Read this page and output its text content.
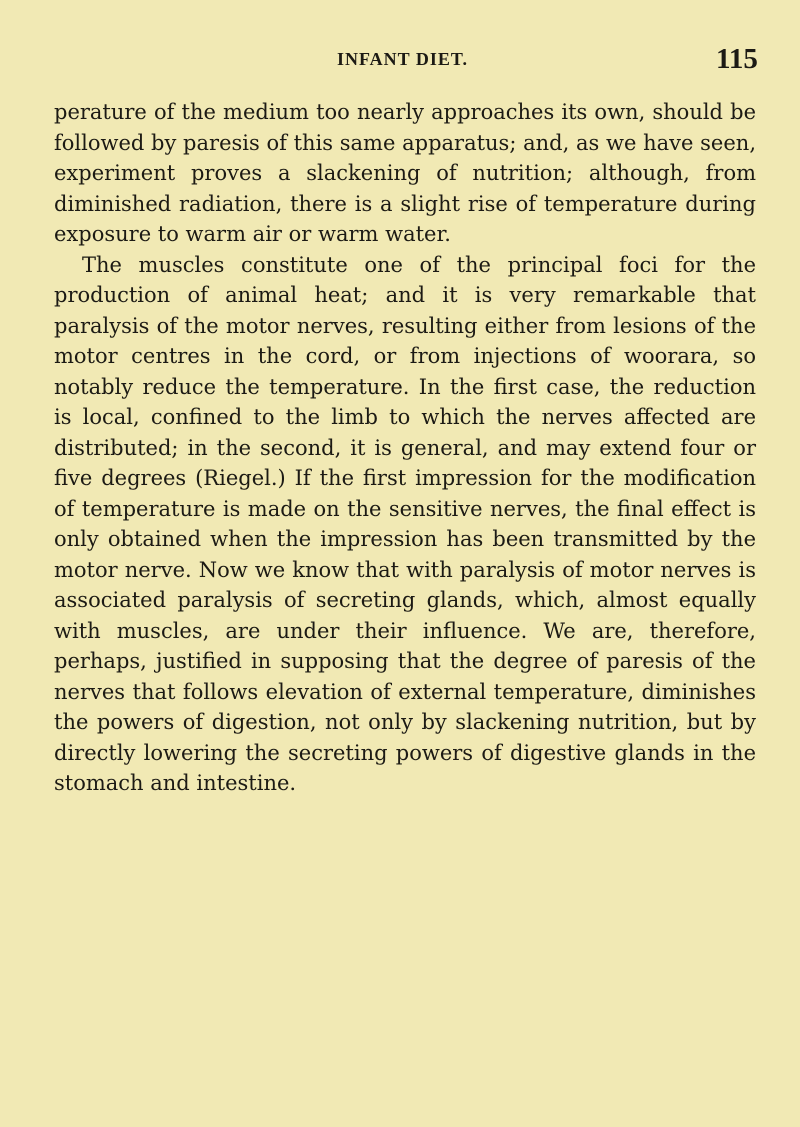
INFANT DIET.	115

perature of the medium too nearly approaches its own, should be followed by paresis of this same apparatus; and, as we have seen, experiment proves a slackening of nutrition; although, from diminished radiation, there is a slight rise of temperature during exposure to warm air or warm water.

The muscles constitute one of the principal foci for the production of animal heat; and it is very remarkable that paralysis of the motor nerves, resulting either from lesions of the motor centres in the cord, or from injections of woorara, so notably reduce the temperature. In the first case, the reduction is local, confined to the limb to which the nerves affected are distributed; in the second, it is general, and may extend four or five degrees (Riegel.) If the first impression for the modification of temperature is made on the sensitive nerves, the final effect is only obtained when the impression has been transmitted by the motor nerve. Now we know that with paralysis of motor nerves is associated paralysis of secreting glands, which, almost equally with muscles, are under their influence. We are, therefore, perhaps, justified in supposing that the degree of paresis of the nerves that follows elevation of external temperature, diminishes the powers of digestion, not only by slackening nutrition, but by directly lowering the secreting powers of digestive glands in the stomach and intestine.
